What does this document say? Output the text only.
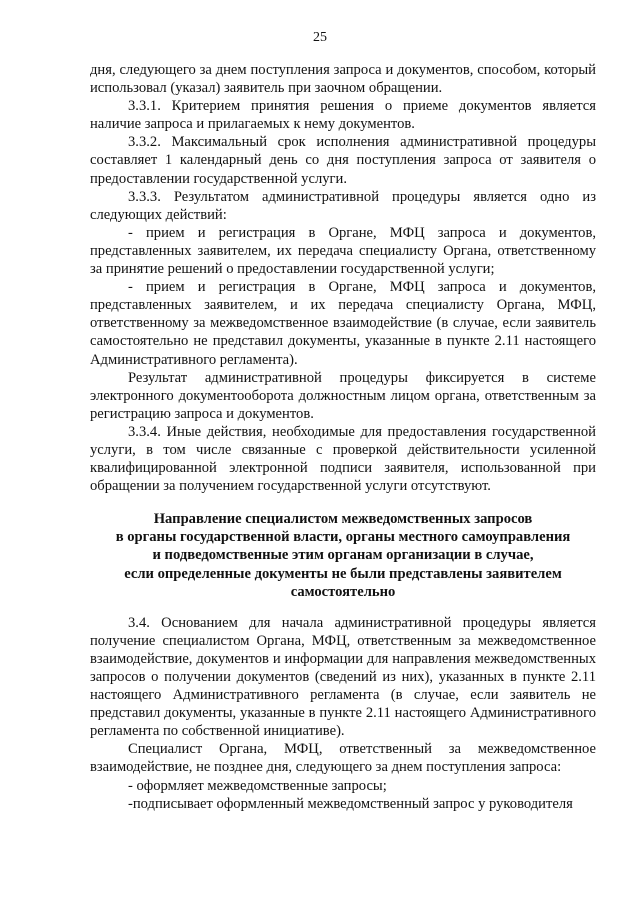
25

дня, следующего за днем поступления запроса и документов, способом, который использовал (указал) заявитель при заочном обращении.

3.3.1. Критерием принятия решения о приеме документов является наличие запроса и прилагаемых к нему документов.

3.3.2. Максимальный срок исполнения административной процедуры составляет 1 календарный день со дня поступления запроса от заявителя о предоставлении государственной услуги.

3.3.3. Результатом административной процедуры является одно из следующих действий:

- прием и регистрация в Органе, МФЦ запроса и документов, представленных заявителем, их передача специалисту Органа, ответственному за принятие решений о предоставлении государственной услуги;

- прием и регистрация в Органе, МФЦ запроса и документов, представленных заявителем, и их передача специалисту Органа, МФЦ, ответственному за межведомственное взаимодействие (в случае, если заявитель самостоятельно не представил документы, указанные в пункте 2.11 настоящего Административного регламента).

Результат административной процедуры фиксируется в системе электронного документооборота должностным лицом органа, ответственным за регистрацию запроса и документов.

3.3.4. Иные действия, необходимые для предоставления государственной услуги, в том числе связанные с проверкой действительности усиленной квалифицированной электронной подписи заявителя, использованной при обращении за получением государственной услуги отсутствуют.

Направление специалистом межведомственных запросов
в органы государственной власти, органы местного самоуправления
и подведомственные этим органам организации в случае,
если определенные документы не были представлены заявителем
самостоятельно

3.4. Основанием для начала административной процедуры является получение специалистом Органа, МФЦ, ответственным за межведомственное взаимодействие, документов и информации для направления межведомственных запросов о получении документов (сведений из них), указанных в пункте 2.11 настоящего Административного регламента (в случае, если заявитель не представил документы, указанные в пункте 2.11 настоящего Административного регламента по собственной инициативе).

Специалист Органа, МФЦ, ответственный за межведомственное взаимодействие, не позднее дня, следующего за днем поступления запроса:

- оформляет межведомственные запросы;

-подписывает оформленный межведомственный запрос у руководителя
